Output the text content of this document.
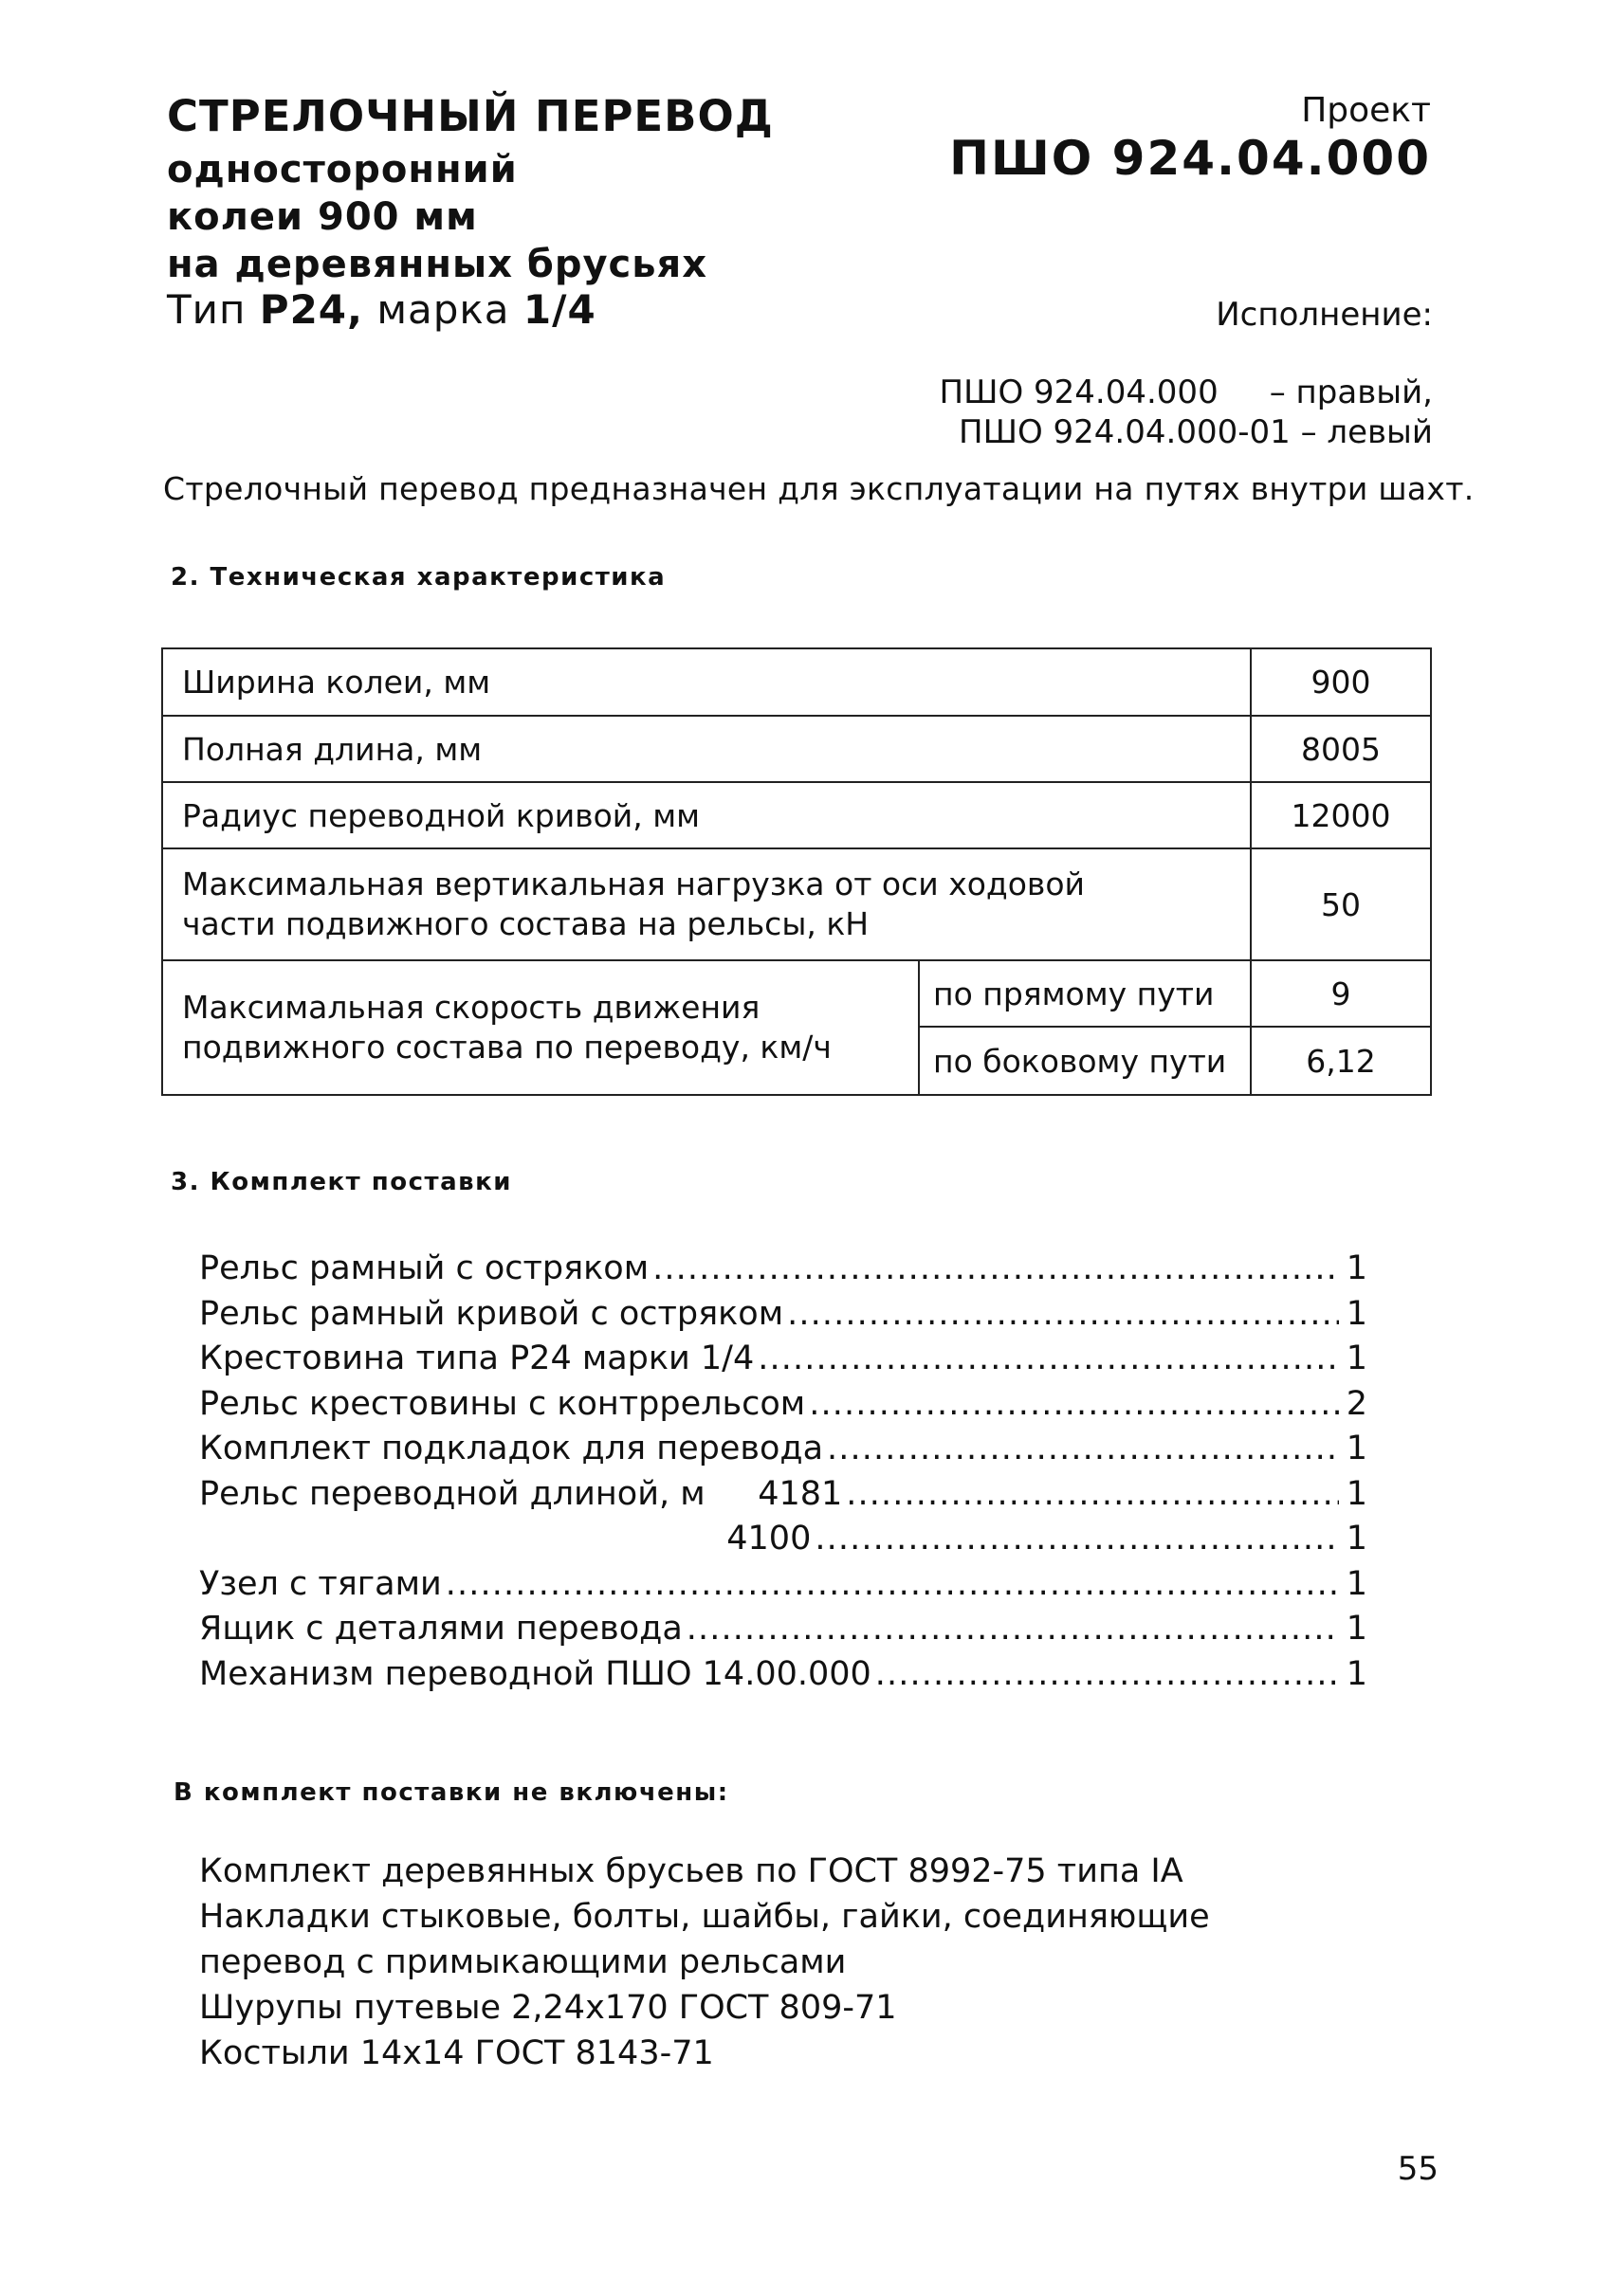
СТРЕЛОЧНЫЙ ПЕРЕВОД
односторонний
колеи 900 мм
на деревянных брусьях
Тип Р24, марка 1/4
Проект
ПШО 924.04.000
Исполнение:

ПШО 924.04.000 – правый,

ПШО 924.04.000-01 – левый

Стрелочный перевод предназначен для эксплуатации на путях внутри шахт.
2. Техническая характеристика
Ширина колеи, мм		900
Полная длина, мм		8005
Радиус переводной кривой, мм		12000
Максимальная вертикальная нагрузка от оси ходовой части подвижного состава на рельсы, кН		50
Максимальная скорость движения подвижного состава по переводу, км/ч	по прямому пути	9
	по боковому пути	6,12
3. Комплект поставки
Рельс рамный с остряком . . .	1
Рельс рамный кривой с остряком . . .	1
Крестовина типа Р24 марки 1/4 . . .	1
Рельс крестовины с контррельсом . . .	2
Комплект подкладок для перевода . . .	1
Рельс переводной длиной, м     4181 . . .	1
4100 . . .	1
Узел с тягами . . .	1
Ящик с деталями перевода . . .	1
Механизм переводной ПШО 14.00.000 . . .	1
В комплект поставки не включены:
Комплект деревянных брусьев по ГОСТ 8992-75 типа IA
Накладки стыковые, болты, шайбы, гайки, соединяющие перевод с примыкающими рельсами
Шурупы путевые 2,24x170 ГОСТ 809-71
Костыли 14x14 ГОСТ 8143-71
55
